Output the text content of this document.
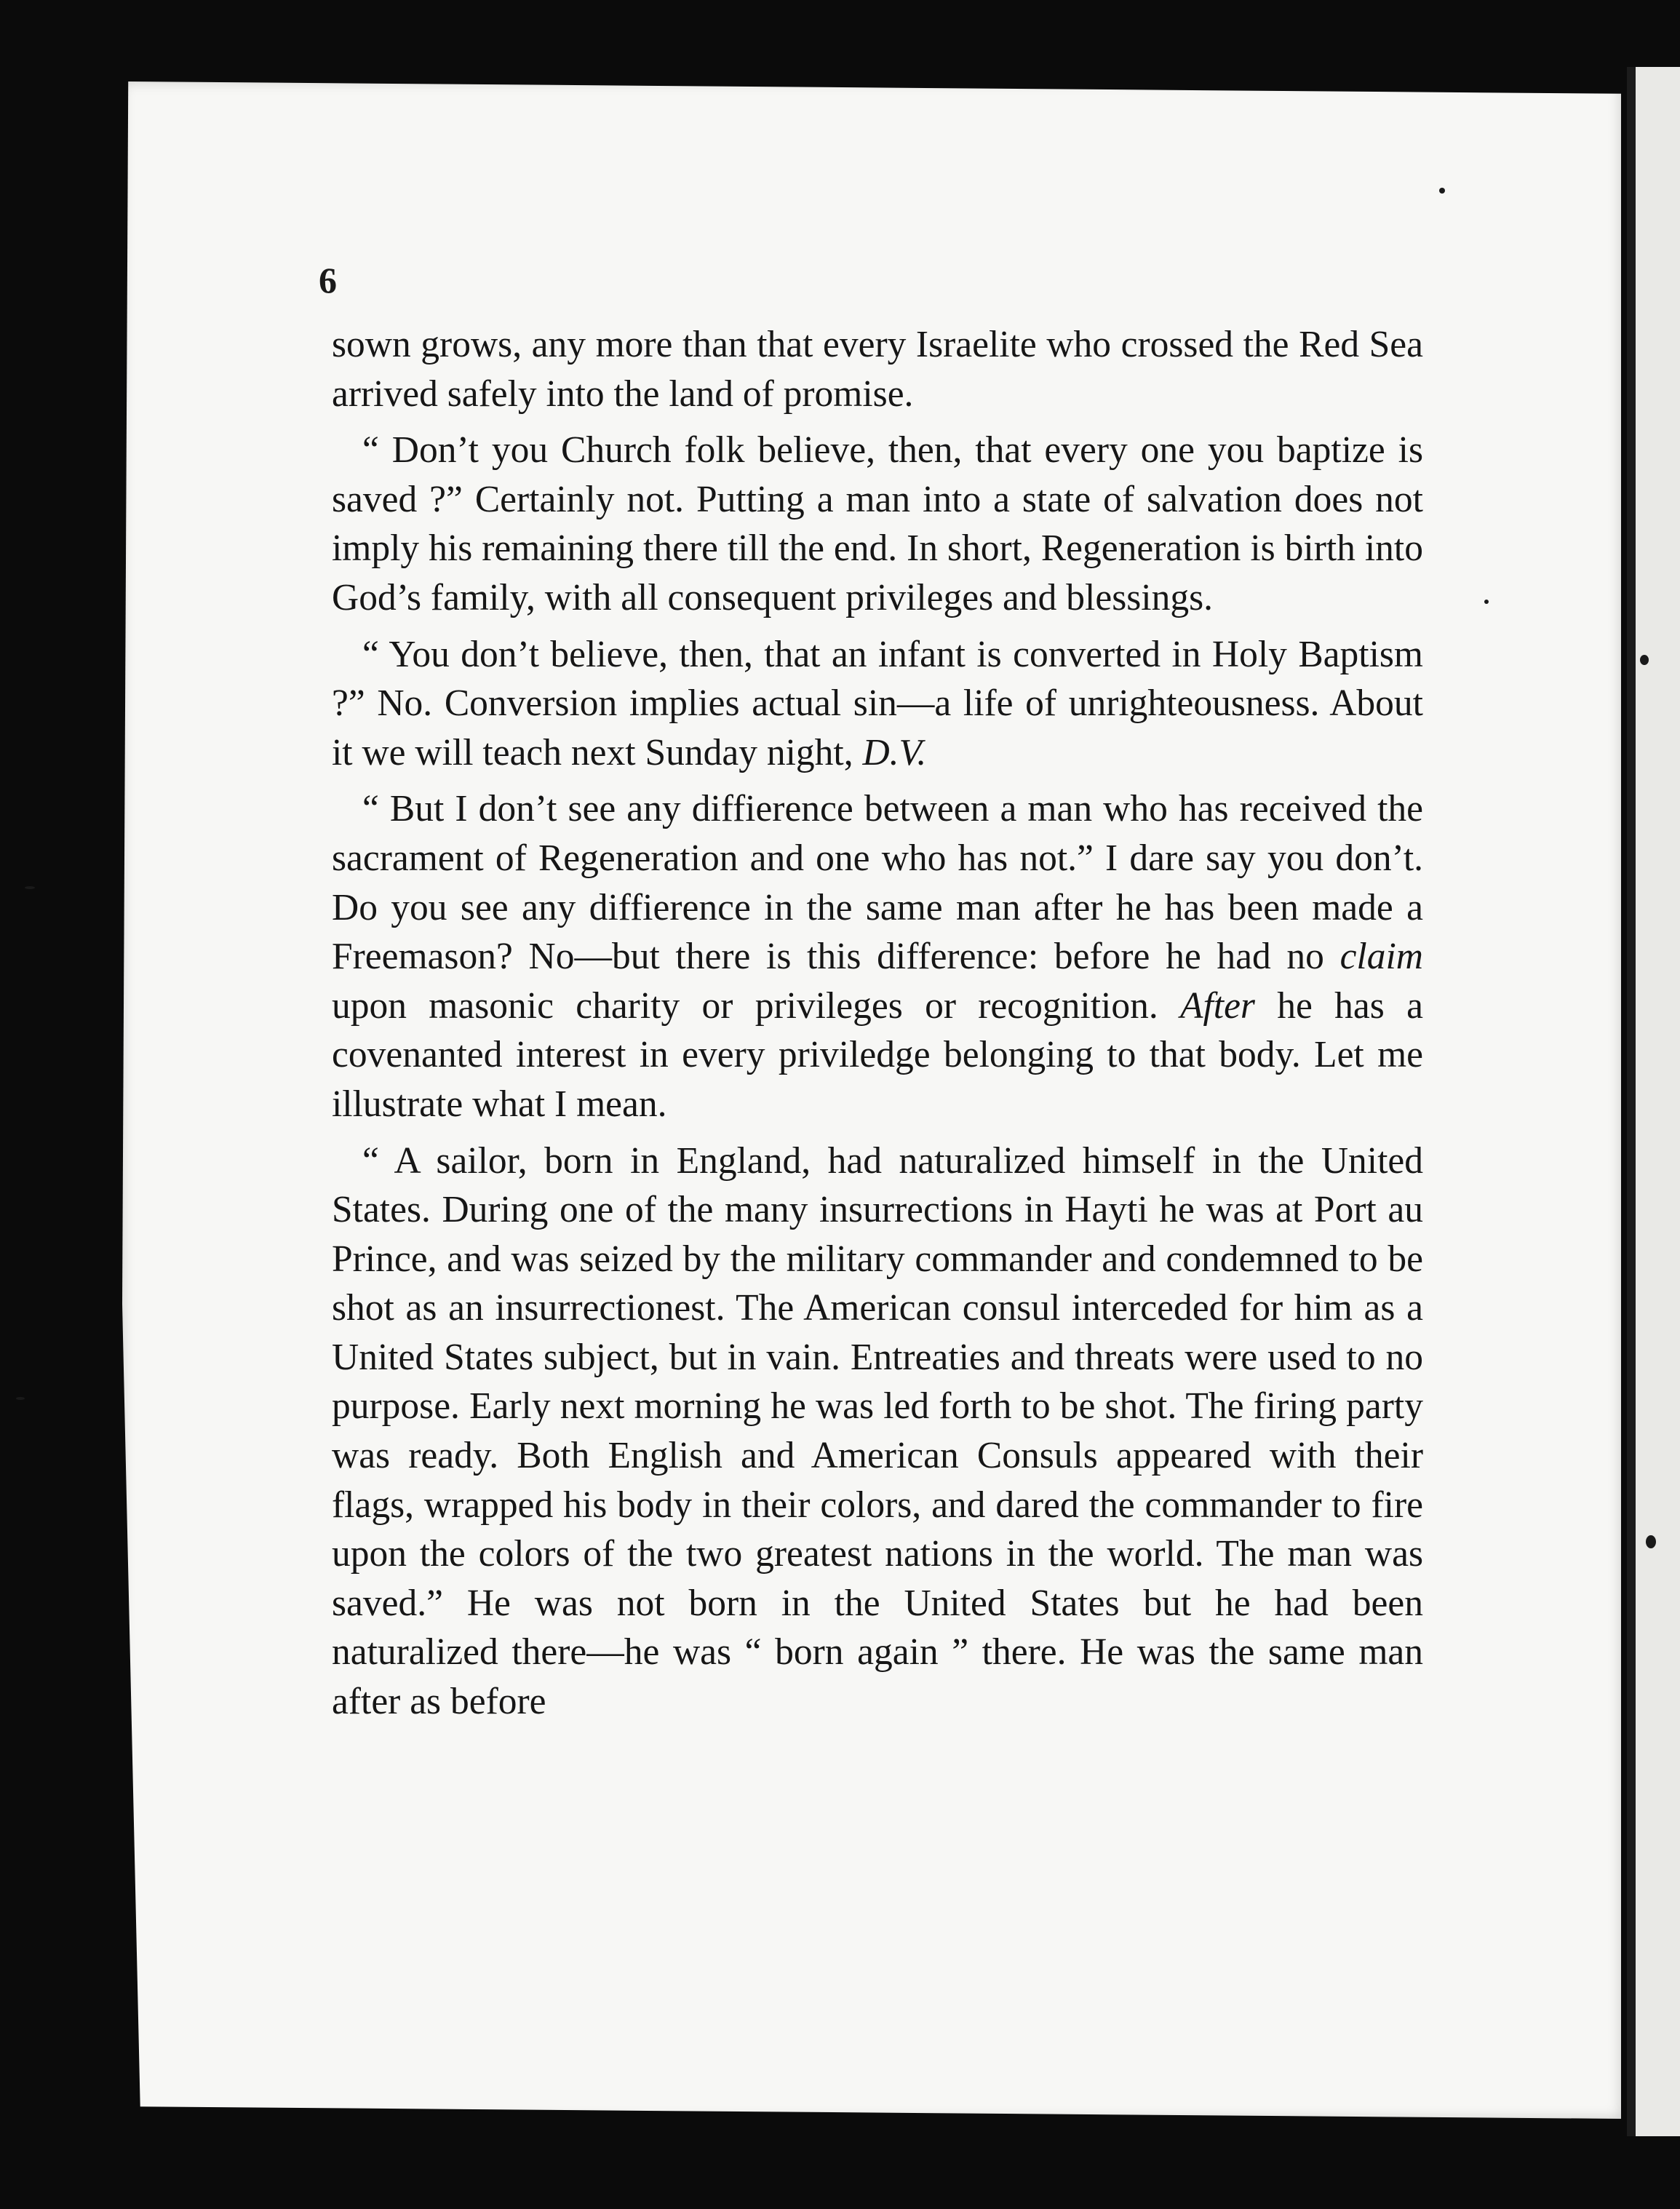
6

sown grows, any more than that every Israelite who crossed the Red Sea arrived safely into the land of promise.

“ Don’t you Church folk believe, then, that every one you baptize is saved ?” Certainly not. Putting a man into a state of salvation does not imply his remaining there till the end. In short, Regeneration is birth into God’s family, with all consequent privileges and blessings.

“ You don’t believe, then, that an infant is converted in Holy Baptism ?” No. Conversion implies actual sin—a life of unrighteousness. About it we will teach next Sunday night, D.V.

“ But I don’t see any diffierence between a man who has received the sacrament of Regeneration and one who has not.” I dare say you don’t. Do you see any diffierence in the same man after he has been made a Freemason? No—but there is this difference: before he had no claim upon masonic charity or privileges or recognition. After he has a covenanted interest in every priviledge belonging to that body. Let me illustrate what I mean.

“ A sailor, born in England, had naturalized himself in the United States. During one of the many insurrections in Hayti he was at Port au Prince, and was seized by the military commander and condemned to be shot as an insurrectionest. The American consul interceded for him as a United States subject, but in vain. Entreaties and threats were used to no purpose. Early next morning he was led forth to be shot. The firing party was ready. Both English and American Consuls appeared with their flags, wrapped his body in their colors, and dared the commander to fire upon the colors of the two greatest nations in the world. The man was saved.” He was not born in the United States but he had been naturalized there—he was “ born again ” there. He was the same man after as before
